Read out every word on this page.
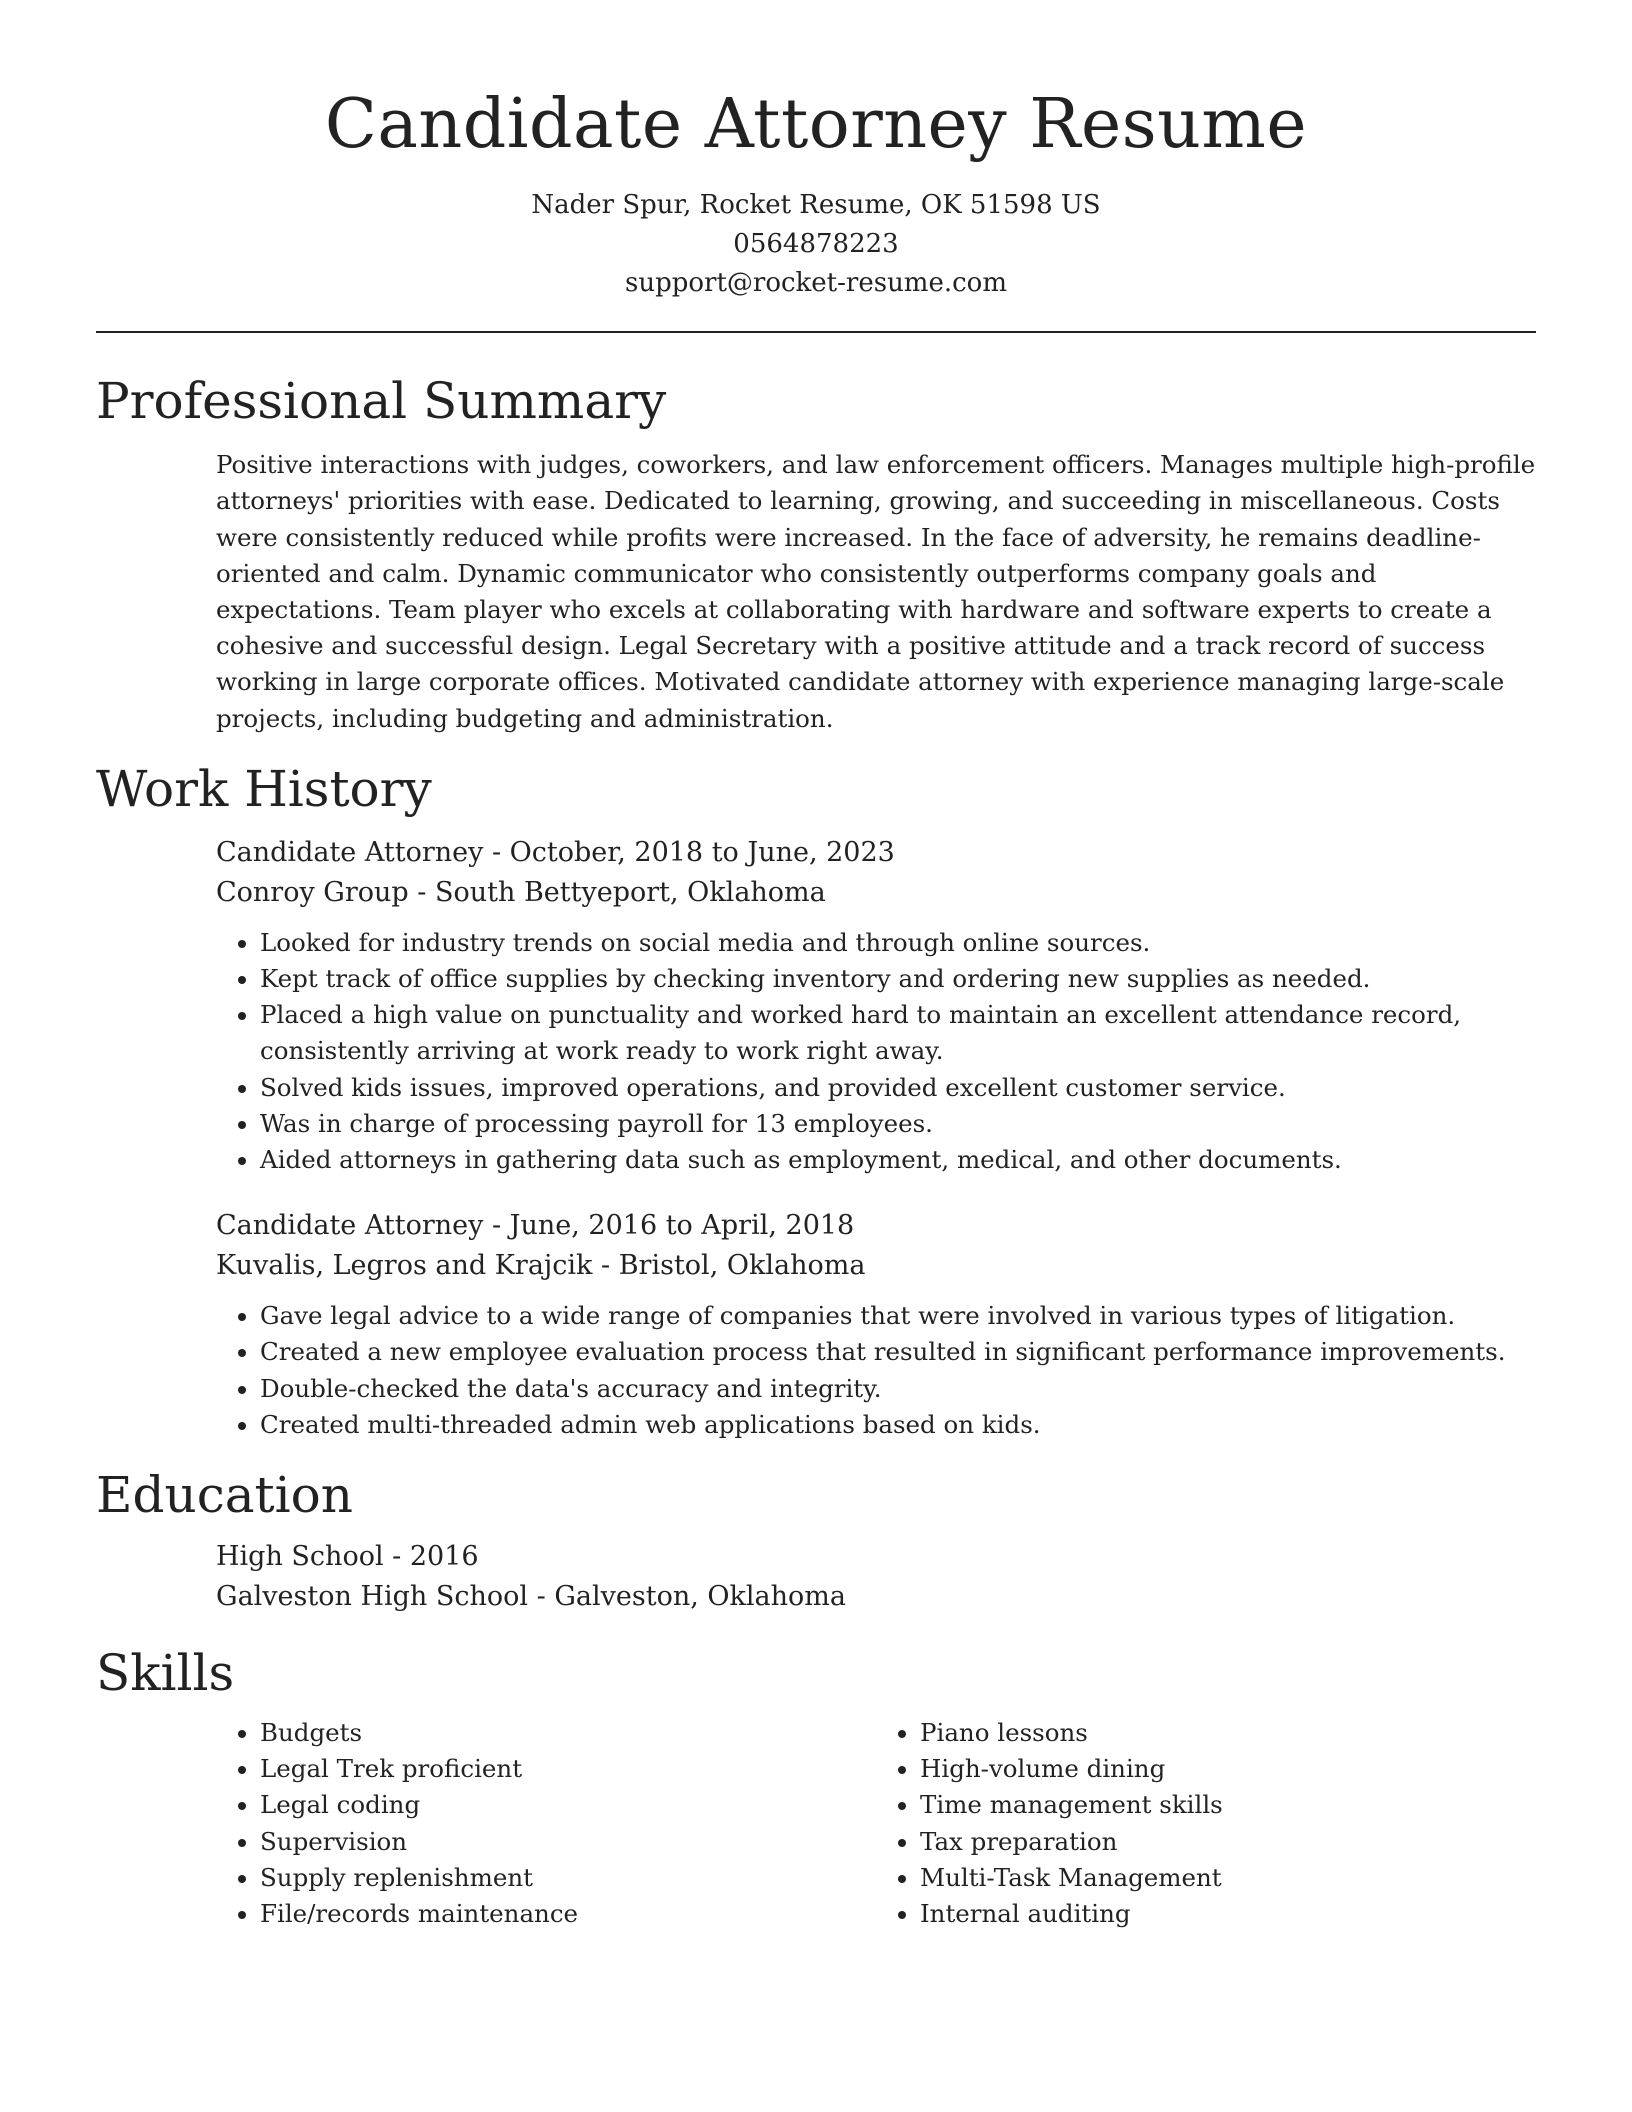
Candidate Attorney Resume
Nader Spur, Rocket Resume, OK 51598 US
0564878223
support@rocket-resume.com
Professional Summary

Positive interactions with judges, coworkers, and law enforcement officers. Manages multiple high-profile attorneys' priorities with ease. Dedicated to learning, growing, and succeeding in miscellaneous. Costs were consistently reduced while profits were increased. In the face of adversity, he remains deadline-oriented and calm. Dynamic communicator who consistently outperforms company goals and expectations. Team player who excels at collaborating with hardware and software experts to create a cohesive and successful design. Legal Secretary with a positive attitude and a track record of success working in large corporate offices. Motivated candidate attorney with experience managing large-scale projects, including budgeting and administration.

Work History
Candidate Attorney - October, 2018 to June, 2023
Conroy Group - South Bettyeport, Oklahoma
• Looked for industry trends on social media and through online sources.
• Kept track of office supplies by checking inventory and ordering new supplies as needed.
• Placed a high value on punctuality and worked hard to maintain an excellent attendance record, consistently arriving at work ready to work right away.
• Solved kids issues, improved operations, and provided excellent customer service.
• Was in charge of processing payroll for 13 employees.
• Aided attorneys in gathering data such as employment, medical, and other documents.
Candidate Attorney - June, 2016 to April, 2018
Kuvalis, Legros and Krajcik - Bristol, Oklahoma
• Gave legal advice to a wide range of companies that were involved in various types of litigation.
• Created a new employee evaluation process that resulted in significant performance improvements.
• Double-checked the data's accuracy and integrity.
• Created multi-threaded admin web applications based on kids.
Education
High School - 2016
Galveston High School - Galveston, Oklahoma
Skills
• Budgets
• Legal Trek proficient
• Legal coding
• Supervision
• Supply replenishment
• File/records maintenance
• Piano lessons
• High-volume dining
• Time management skills
• Tax preparation
• Multi-Task Management
• Internal auditing
